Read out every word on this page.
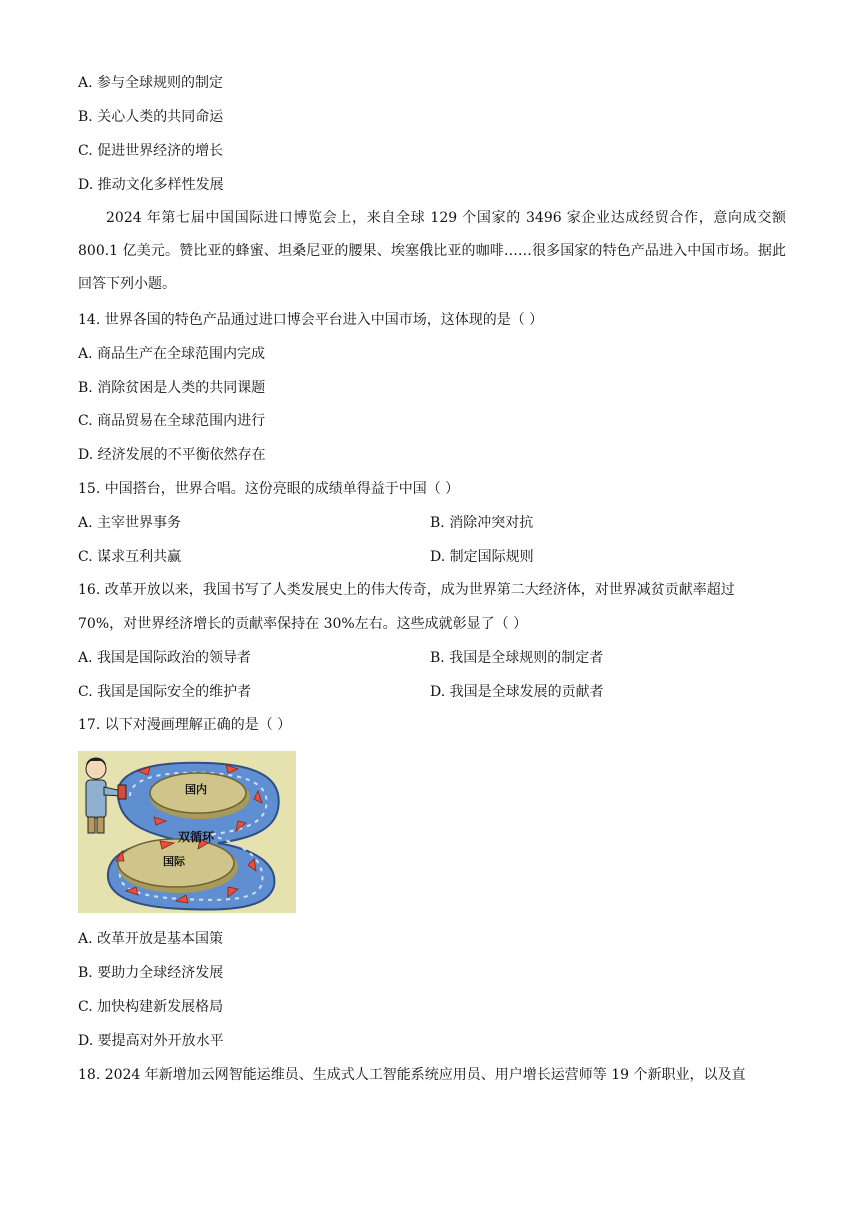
A. 参与全球规则的制定
B. 关心人类的共同命运
C. 促进世界经济的增长
D. 推动文化多样性发展
2024 年第七届中国国际进口博览会上，来自全球 129 个国家的 3496 家企业达成经贸合作，意向成交额 800.1 亿美元。赞比亚的蜂蜜、坦桑尼亚的腰果、埃塞俄比亚的咖啡……很多国家的特色产品进入中国市场。据此回答下列小题。
14. 世界各国的特色产品通过进口博会平台进入中国市场，这体现的是（ ）
A. 商品生产在全球范围内完成
B. 消除贫困是人类的共同课题
C. 商品贸易在全球范围内进行
D. 经济发展的不平衡依然存在
15. 中国搭台，世界合唱。这份亮眼的成绩单得益于中国（ ）
A. 主宰世界事务	B. 消除冲突对抗
C. 谋求互利共赢	D. 制定国际规则
16. 改革开放以来，我国书写了人类发展史上的伟大传奇，成为世界第二大经济体，对世界减贫贡献率超过
70%，对世界经济增长的贡献率保持在 30%左右。这些成就彰显了（ ）
A. 我国是国际政治的领导者	B. 我国是全球规则的制定者
C. 我国是国际安全的维护者	D. 我国是全球发展的贡献者
17. 以下对漫画理解正确的是（ ）
国内
双循环
国际
A. 改革开放是基本国策
B. 要助力全球经济发展
C. 加快构建新发展格局
D. 要提高对外开放水平
18. 2024 年新增加云网智能运维员、生成式人工智能系统应用员、用户增长运营师等 19 个新职业，以及直
